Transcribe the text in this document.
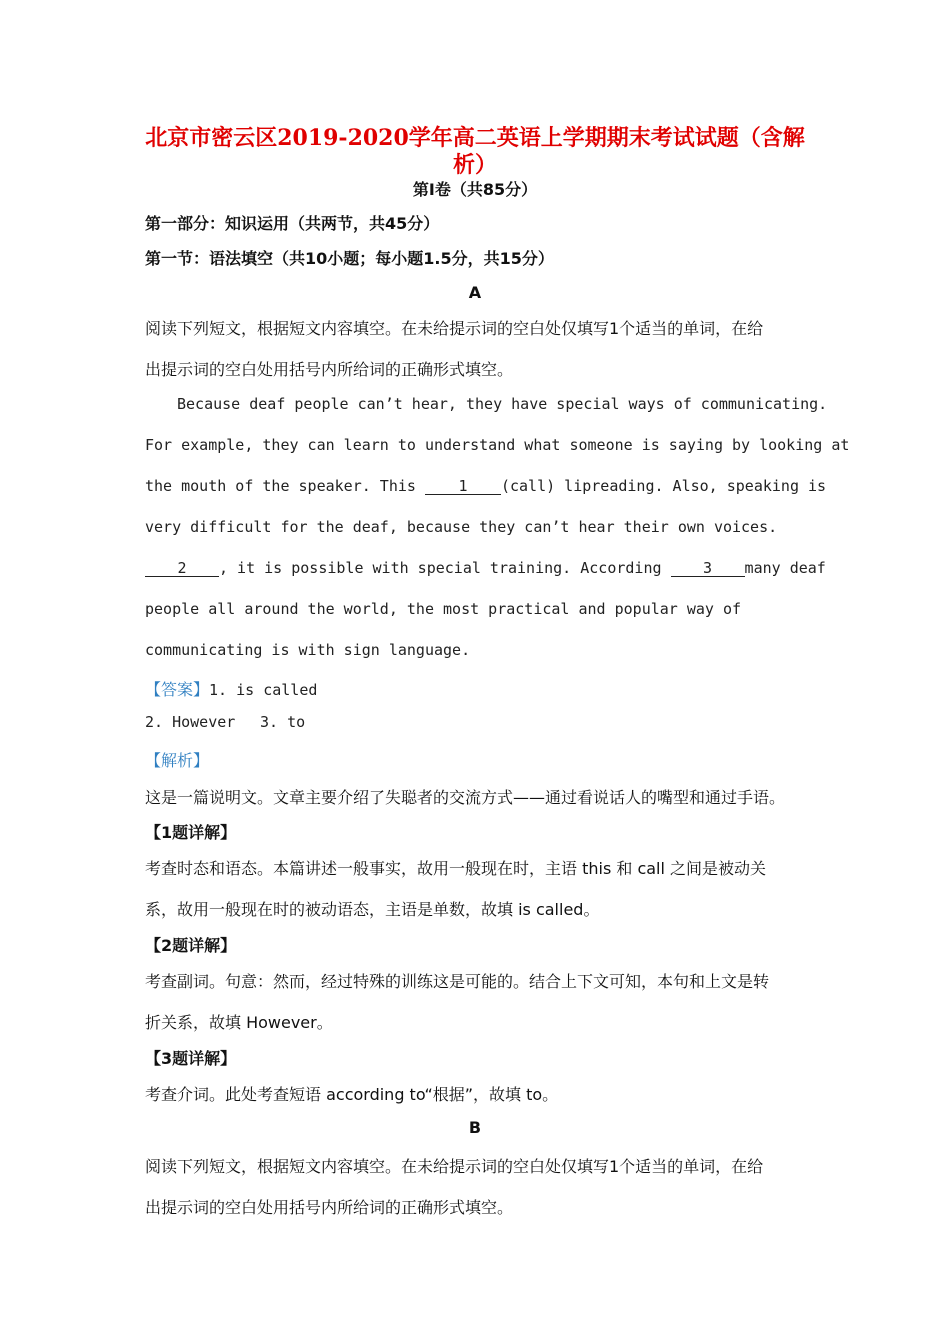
北京市密云区2019-2020学年高二英语上学期期末考试试题（含解
析）
第Ⅰ卷（共85分）
第一部分：知识运用（共两节，共45分）
第一节：语法填空（共10小题；每小题1.5分，共15分）
A
阅读下列短文，根据短文内容填空。在未给提示词的空白处仅填写1个适当的单词，在给
出提示词的空白处用括号内所给词的正确形式填空。
Because deaf people can’t hear, they have special ways of communicating.
For example, they can learn to understand what someone is saying by looking at
the mouth of the speaker. This 1 (call) lipreading. Also, speaking is
very difficult for the deaf, because they can’t hear their own voices.
2 , it is possible with special training. According 3 many deaf
people all around the world, the most practical and popular way of
communicating is with sign language.
【答案】1. is called
2. However 3. to
【解析】
这是一篇说明文。文章主要介绍了失聪者的交流方式——通过看说话人的嘴型和通过手语。
【1题详解】
考查时态和语态。本篇讲述一般事实，故用一般现在时，主语 this 和 call 之间是被动关
系，故用一般现在时的被动语态，主语是单数，故填 is called。
【2题详解】
考查副词。句意：然而，经过特殊的训练这是可能的。结合上下文可知，本句和上文是转
折关系，故填 However。
【3题详解】
考查介词。此处考查短语 according to“根据”，故填 to。
B
阅读下列短文，根据短文内容填空。在未给提示词的空白处仅填写1个适当的单词，在给
出提示词的空白处用括号内所给词的正确形式填空。
